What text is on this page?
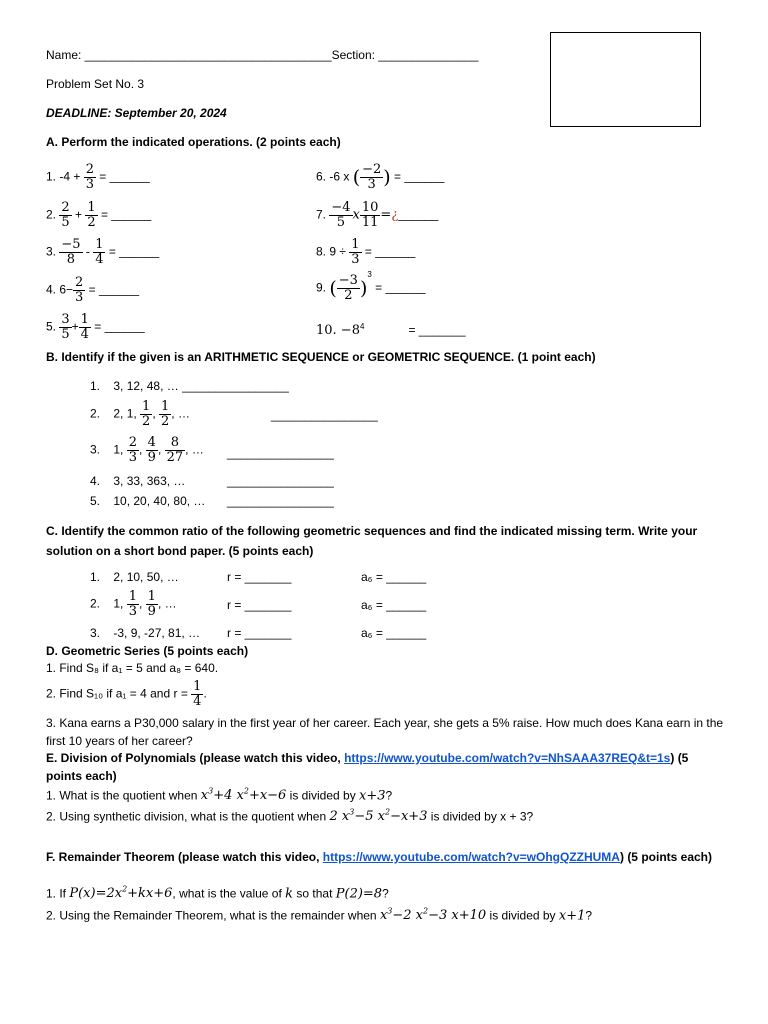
Name: _____________________________________Section: _______________
Problem Set No. 3
DEADLINE: September 20, 2024
A. Perform the indicated operations. (2 points each)
1. $-4 + \frac{2}{3}$ = ______
2. $\frac{2}{5} + \frac{1}{2}$ = ______
3. $\frac{-5}{8} - \frac{1}{4}$ = ______
4. $6- \frac{2}{3}$ = ______
5. $\frac{3}{5} + \frac{1}{4}$ = ______
6. -6 x ( $\frac{-2}{3}$ ) = ______
7. $\frac{-4}{5}$ x $\frac{10}{11}$ =¿______
8. $9 \div \frac{1}{3}$ = ______
9. ( $\frac{-3}{2} )^3$ = ______
10. $-8^4$	= _______
B. Identify if the given is an ARITHMETIC SEQUENCE or GEOMETRIC SEQUENCE. (1 point each)
1. 3, 12, 48, … ________________
2. 2, 1, $\frac{1}{2}$ , $\frac{1}{2}$ , …	________________
3. 1, $\frac{2}{3}$ , $\frac{4}{9}$ , $\frac{8}{27}$ , … ________________
4. 3, 33, 363, …	________________
5. 10, 20, 40, 80, … ________________
C. Identify the common ratio of the following geometric sequences and find the indicated missing term. Write your solution on a short bond paper. (5 points each)
1. 2, 10, 50, …	r = _______	a₆ = ______
2. 1, $\frac{1}{3}$ , $\frac{1}{9}$ , …	r = _______	a₆ = ______
3. -3, 9, -27, 81, … r = _______	a₆ = ______
D. Geometric Series (5 points each)
1. Find S₈ if a₁ = 5 and a₈ = 640.
2. Find S₁₀ if a₁ = 4 and $r = \frac{1}{4}$ .
3. Kana earns a P30,000 salary in the first year of her career. Each year, she gets a 5% raise. How much does Kana earn in the first 10 years of her career?
E. Division of Polynomials (please watch this video, https://www.youtube.com/watch?v=NhSAAA37REQ&t=1s) (5 points each)
1. What is the quotient when $x^3+4$ $x^2+x-6$ is divided by x+3?
2. Using synthetic division, what is the quotient when 2 $x^3-5$ $x^2-x+3$ is divided by x + 3?
F. Remainder Theorem (please watch this video, https://www.youtube.com/watch?v=wOhgQZZHUMA) (5 points each)
1. If $P(x)=2x^2+kx+6$, what is the value of k so that P(2)=8?
2. Using the Remainder Theorem, what is the remainder when $x^3-2$ $x^2-3$ x+10 is divided by x+1?
